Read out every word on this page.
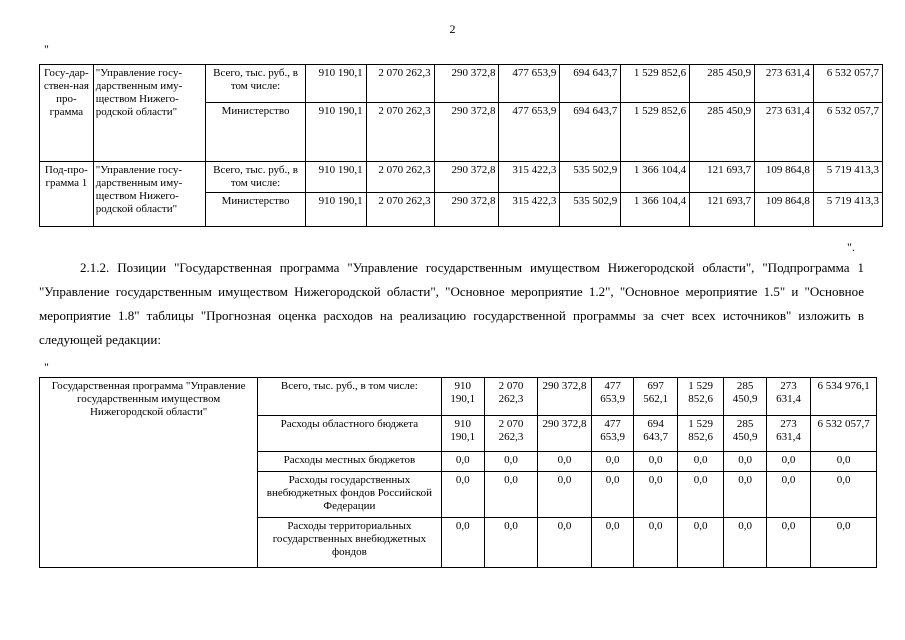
2
"
Госу-дар-ствен-ная про-грамма	"Управление госу-дарственным иму-ществом Нижего-родской области"	Всего, тыс. руб., в том числе:	910 190,1	2 070 262,3	290 372,8	477 653,9	694 643,7	1 529 852,6	285 450,9	273 631,4	6 532 057,7
		Министерство	910 190,1	2 070 262,3	290 372,8	477 653,9	694 643,7	1 529 852,6	285 450,9	273 631,4	6 532 057,7
Под-про-грамма 1	"Управление госу-дарственным иму-ществом Нижего-родской области"	Всего, тыс. руб., в том числе:	910 190,1	2 070 262,3	290 372,8	315 422,3	535 502,9	1 366 104,4	121 693,7	109 864,8	5 719 413,3
		Министерство	910 190,1	2 070 262,3	290 372,8	315 422,3	535 502,9	1 366 104,4	121 693,7	109 864,8	5 719 413,3
".
2.1.2. Позиции "Государственная программа "Управление государственным имуществом Нижегородской области", "Подпрограмма 1 "Управление государственным имуществом Нижегородской области", "Основное мероприятие 1.2", "Основное мероприятие 1.5" и "Основное мероприятие 1.8" таблицы "Прогнозная оценка расходов на реализацию государственной программы за счет всех источников" изложить в следующей редакции:
"
Государственная программа "Управление государственным имуществом Нижегородской области"	Всего, тыс. руб., в том числе:	910 190,1	2 070 262,3	290 372,8	477 653,9	697 562,1	1 529 852,6	285 450,9	273 631,4	6 534 976,1
	Расходы областного бюджета	910 190,1	2 070 262,3	290 372,8	477 653,9	694 643,7	1 529 852,6	285 450,9	273 631,4	6 532 057,7
	Расходы местных бюджетов	0,0	0,0	0,0	0,0	0,0	0,0	0,0	0,0	0,0
	Расходы государственных внебюджетных фондов Российской Федерации	0,0	0,0	0,0	0,0	0,0	0,0	0,0	0,0	0,0
	Расходы территориальных государственных внебюджетных фондов	0,0	0,0	0,0	0,0	0,0	0,0	0,0	0,0	0,0
